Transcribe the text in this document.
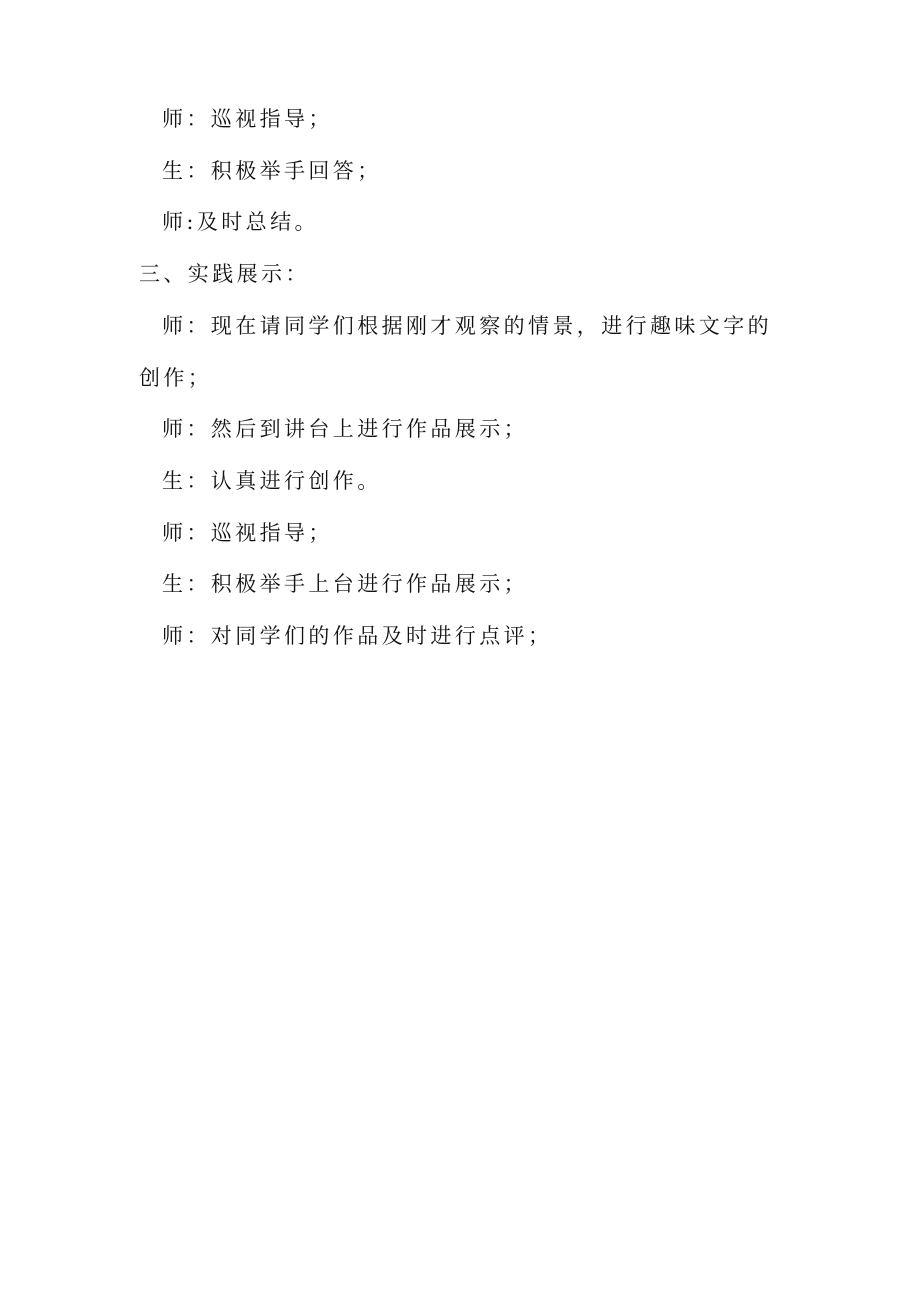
师：巡视指导；
生：积极举手回答；
师:及时总结。
三、实践展示：
师：现在请同学们根据刚才观察的情景，进行趣味文字的
创作；
师：然后到讲台上进行作品展示；
生：认真进行创作。
师：巡视指导；
生：积极举手上台进行作品展示；
师：对同学们的作品及时进行点评；
